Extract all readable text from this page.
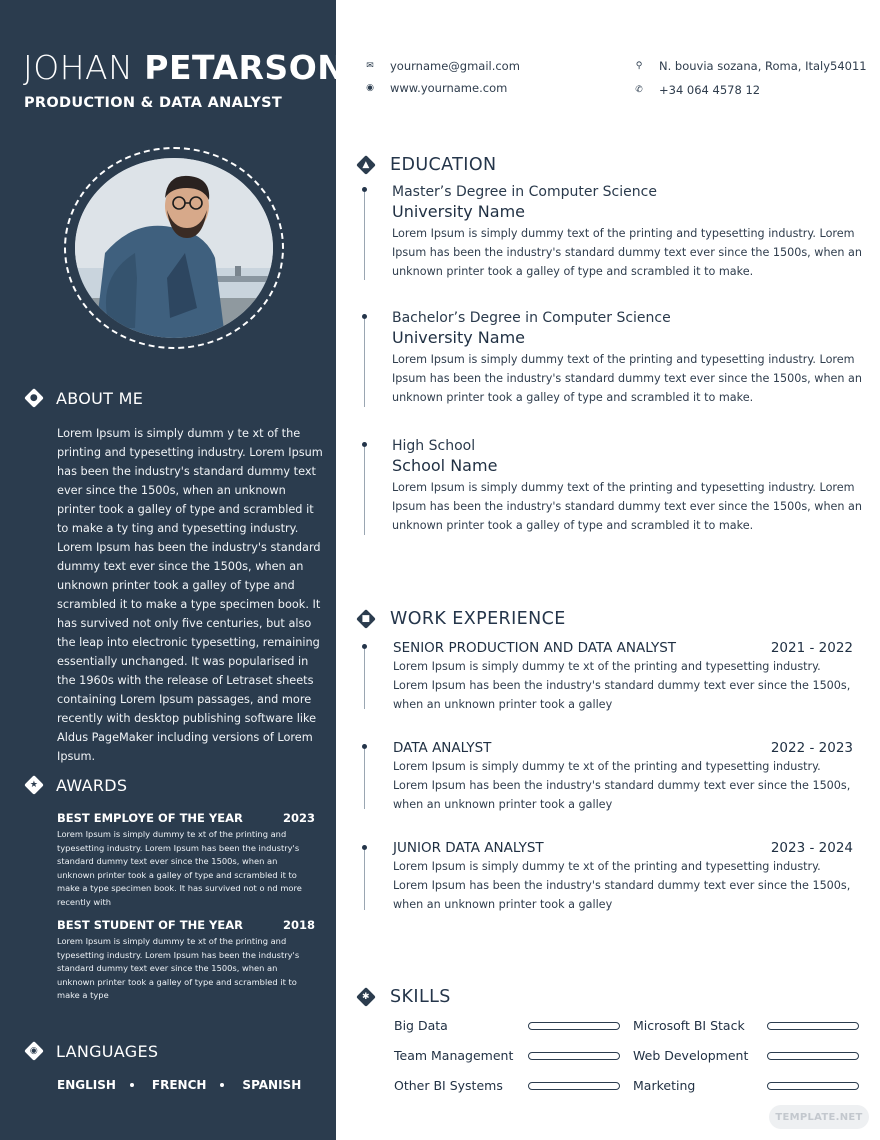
JOHAN PETARSON
PRODUCTION & DATA ANALYST
● ABOUT ME
Lorem Ipsum is simply dumm y te xt of the printing and typesetting industry. Lorem Ipsum has been the industry's standard dummy text ever since the 1500s, when an unknown printer took a galley of type and scrambled it to make a ty ting and typesetting industry. Lorem Ipsum has been the industry's standard dummy text ever since the 1500s, when an unknown printer took a galley of type and scrambled it to make a type specimen book. It has survived not only five centuries, but also the leap into electronic typesetting, remaining essentially unchanged. It was popularised in the 1960s with the release of Letraset sheets containing Lorem Ipsum passages, and more recently with desktop publishing software like Aldus PageMaker including versions of Lorem Ipsum.
★ AWARDS
BEST EMPLOYE OF THE YEAR	2023
Lorem Ipsum is simply dummy te xt of the printing and typesetting industry. Lorem Ipsum has been the industry's standard dummy text ever since the 1500s, when an unknown printer took a galley of type and scrambled it to make a type specimen book. It has survived not o nd more recently with
BEST STUDENT OF THE YEAR	2018
Lorem Ipsum is simply dummy te xt of the printing and typesetting industry. Lorem Ipsum has been the industry's standard dummy text ever since the 1500s, when an unknown printer took a galley of type and scrambled it to make a type
◉ LANGUAGES
ENGLISH	FRENCH	SPANISH
✉ yourname@gmail.com
◉ www.yourname.com
⚲ N. bouvia sozana, Roma, Italy54011
✆ +34 064 4578 12
▲ EDUCATION
Master’s Degree in Computer Science
University Name
Lorem Ipsum is simply dummy text of the printing and typesetting industry. Lorem Ipsum has been the industry's standard dummy text ever since the 1500s, when an unknown printer took a galley of type and scrambled it to make.
Bachelor’s Degree in Computer Science
University Name
Lorem Ipsum is simply dummy text of the printing and typesetting industry. Lorem Ipsum has been the industry's standard dummy text ever since the 1500s, when an unknown printer took a galley of type and scrambled it to make.
High School
School Name
Lorem Ipsum is simply dummy text of the printing and typesetting industry. Lorem Ipsum has been the industry's standard dummy text ever since the 1500s, when an unknown printer took a galley of type and scrambled it to make.
■ WORK EXPERIENCE
SENIOR PRODUCTION AND DATA ANALYST	2021 - 2022
Lorem Ipsum is simply dummy te xt of the printing and typesetting industry. Lorem Ipsum has been the industry's standard dummy text ever since the 1500s, when an unknown printer took a galley
DATA ANALYST	2022 - 2023
Lorem Ipsum is simply dummy te xt of the printing and typesetting industry. Lorem Ipsum has been the industry's standard dummy text ever since the 1500s, when an unknown printer took a galley
JUNIOR DATA ANALYST	2023 - 2024
Lorem Ipsum is simply dummy te xt of the printing and typesetting industry. Lorem Ipsum has been the industry's standard dummy text ever since the 1500s, when an unknown printer took a galley
✱ SKILLS
Big Data	Microsoft BI Stack
Team Management	Web Development
Other BI Systems	Marketing
TEMPLATE.NET
